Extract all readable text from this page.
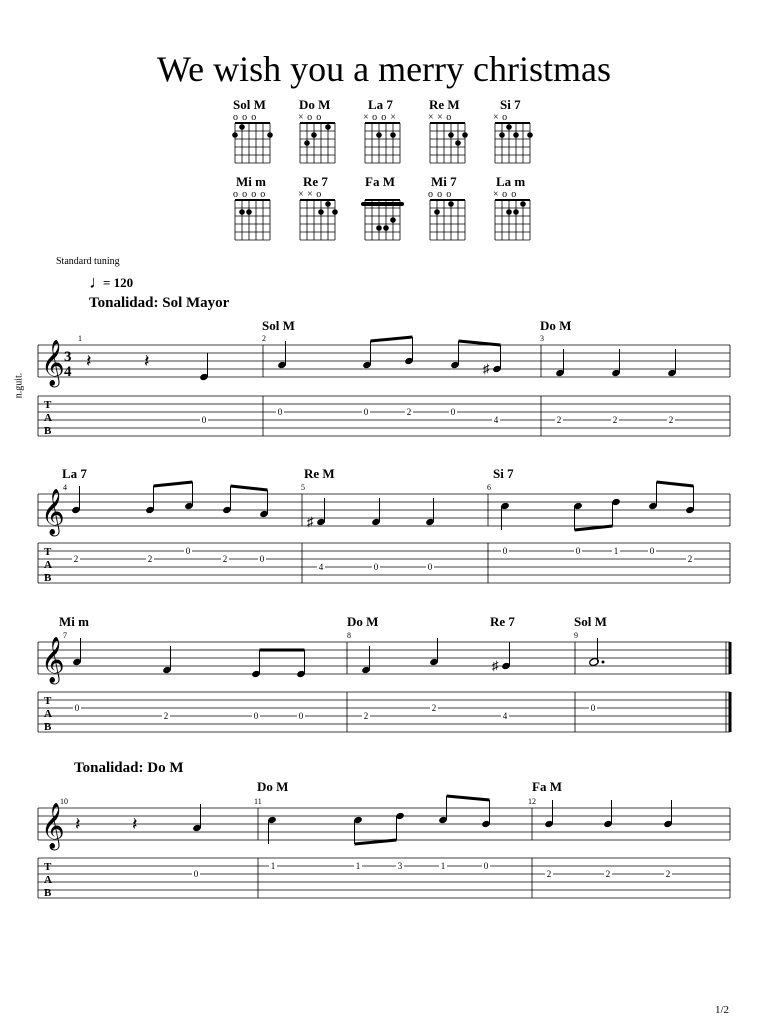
We wish you a merry christmas
Sol M	Do M	La 7	Re M	Si 7
Mi m	Re 7	Fa M	Mi 7	La m
Standard tuning
♩
= 120
Tonalidad: Sol Mayor
Tonalidad: Do M
n.guit.
Sol M	Do M
La 7	Re M	Si 7
Mi m	Do M	Re 7	Sol M
Do M	Fa M
1/2
o o o	× o o	× o o ×	× × o	× o
o o o o	× × o	o o o	× o o
𝄞
T
A
B
1	2	3
𝄞
T
A
B
4	5	6
𝄞
T
A
B
7	8	9
𝄞
T
A
B
10	11	12
3
4
𝄽	𝄽	♯
0
0	0	2	0
4	2	2	2
♯
2	2
0
2	0
4	0	0
0	0	1	0
2
♯
0
2	0	0	2
2
4
0
𝄽	𝄽
0
1	1	3	1	0
2	2	2
